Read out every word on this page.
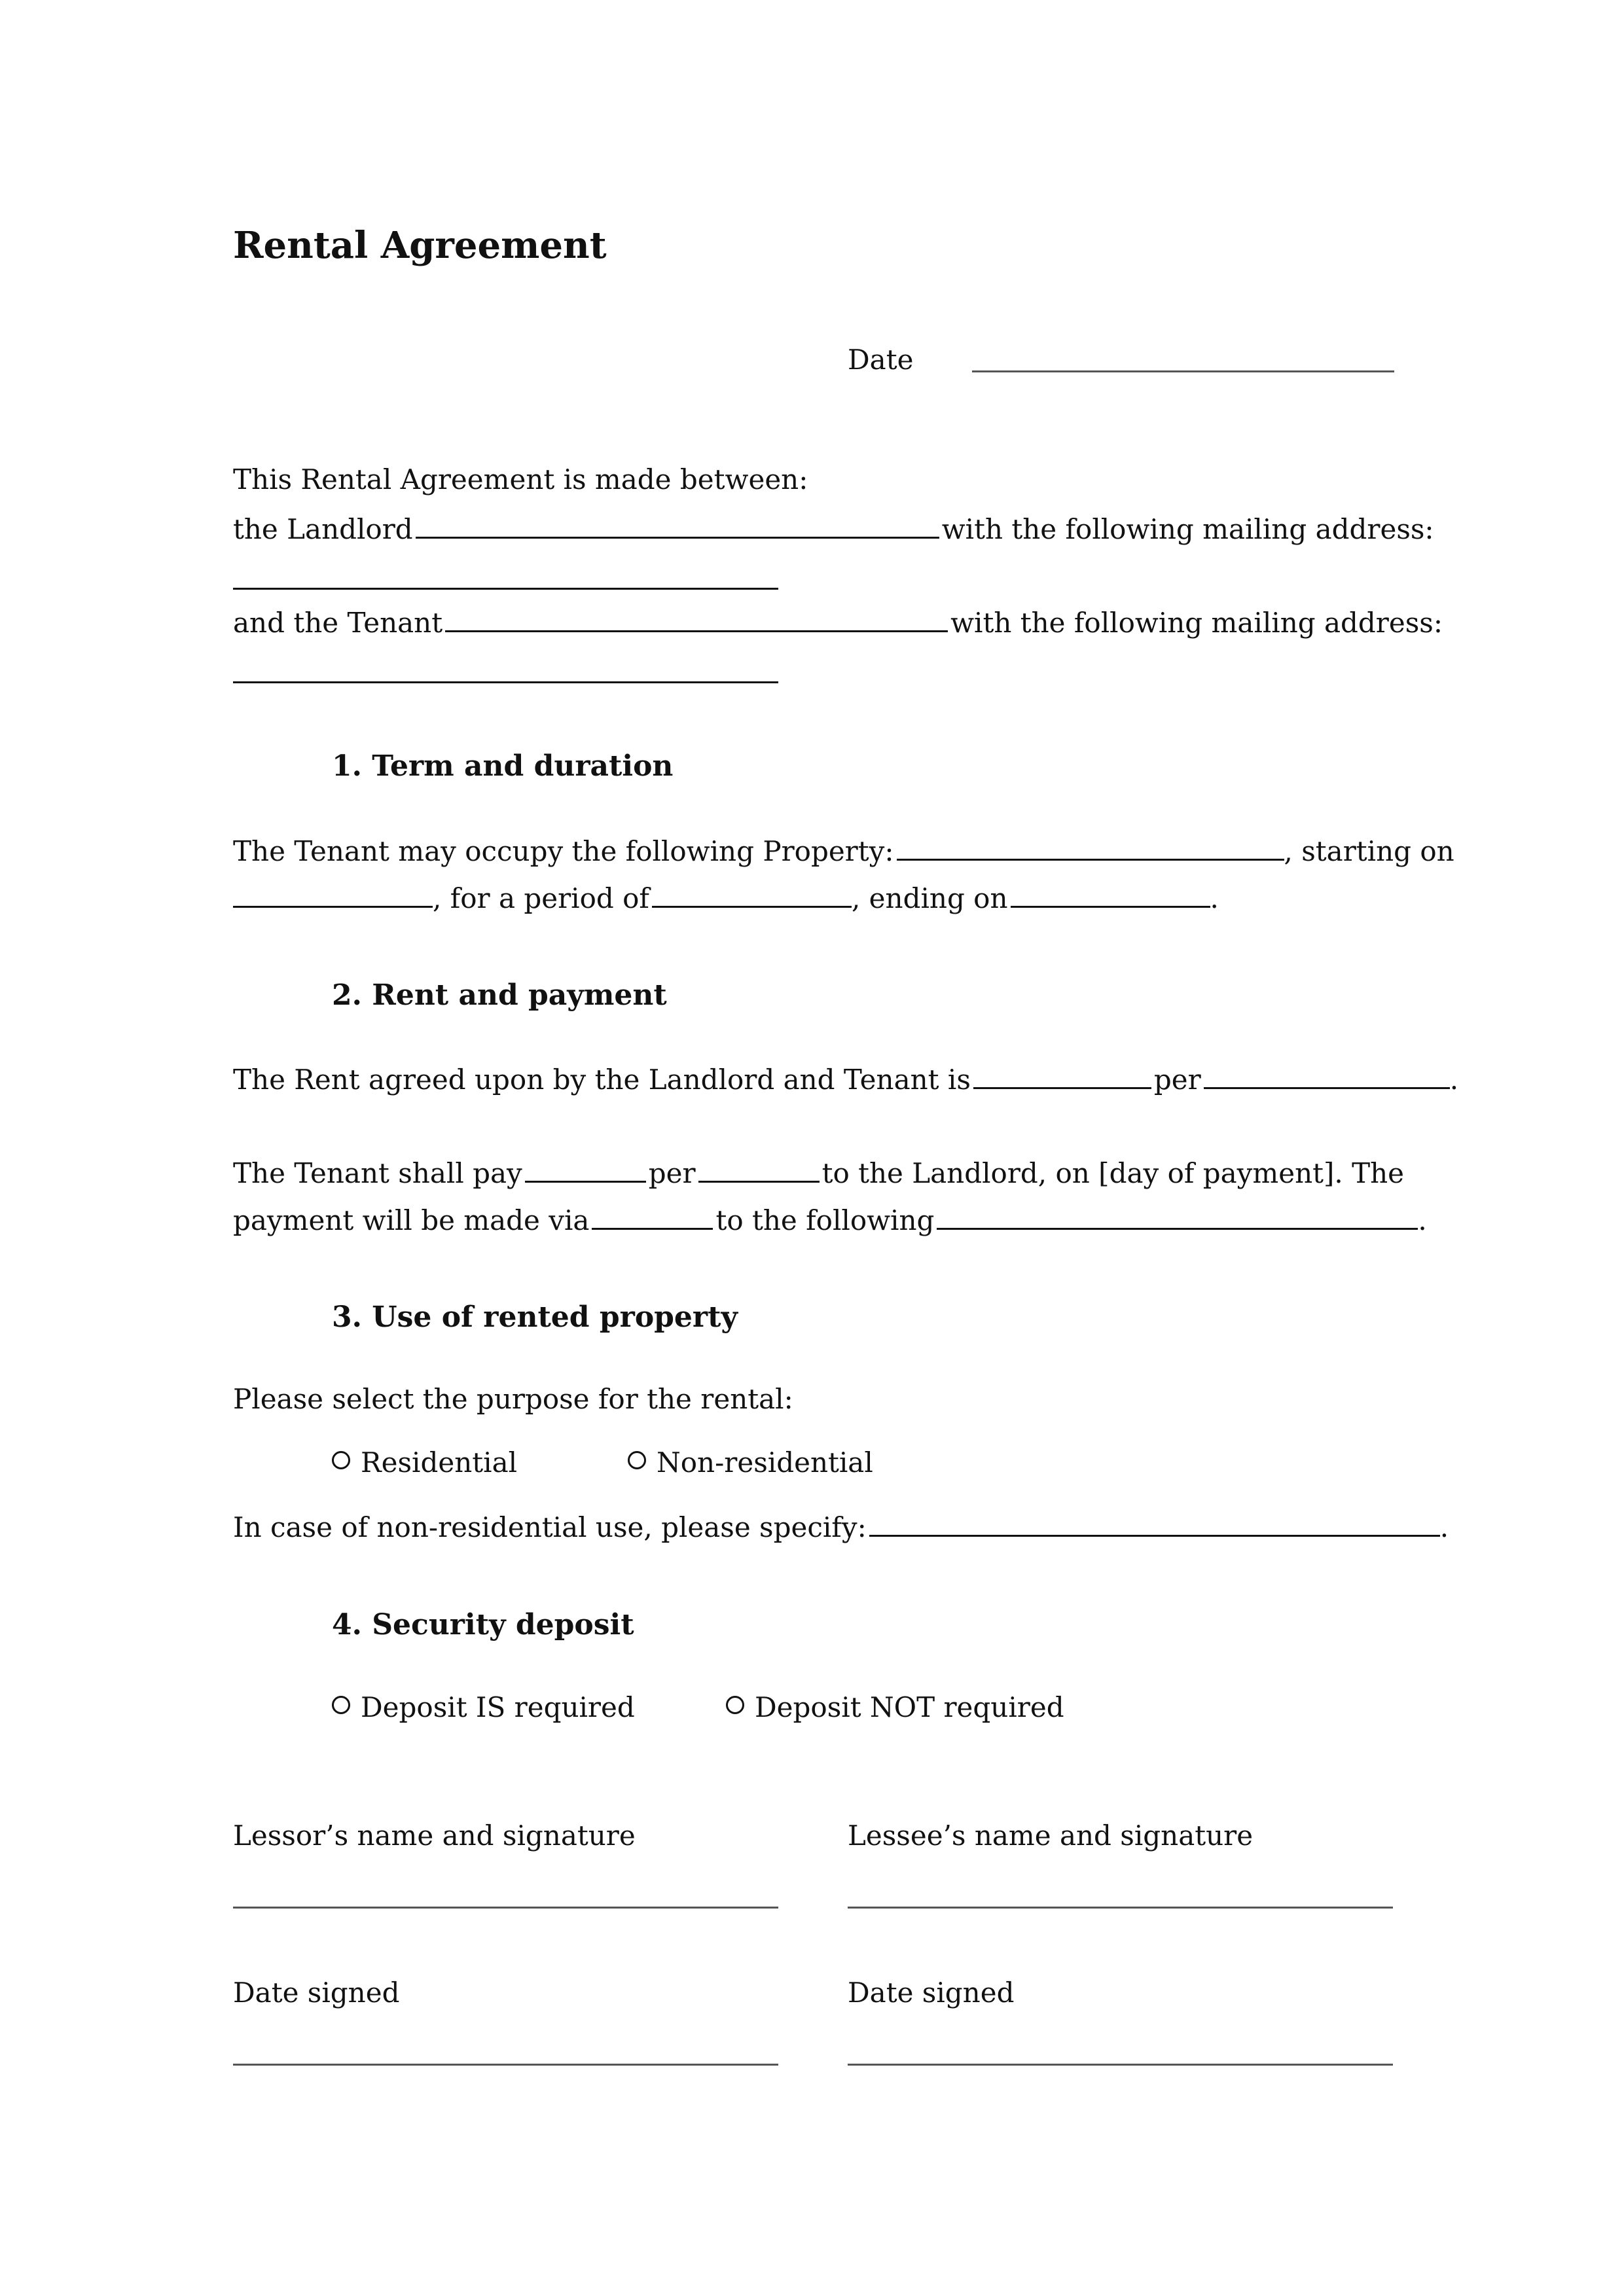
Rental Agreement
Date
This Rental Agreement is made between:
the Landlord	with the following mailing address:
and the Tenant	with the following mailing address:
1. Term and duration
The Tenant may occupy the following Property:	, starting on
, for a period of	, ending on	.
2. Rent and payment
The Rent agreed upon by the Landlord and Tenant is	per	.
The Tenant shall pay	per	to the Landlord, on [day of payment]. The
payment will be made via	to the following	.
3. Use of rented property
Please select the purpose for the rental:
Residential	Non-residential
In case of non-residential use, please specify:	.
4. Security deposit
Deposit IS required	Deposit NOT required
Lessor’s name and signature	Lessee’s name and signature
Date signed	Date signed
